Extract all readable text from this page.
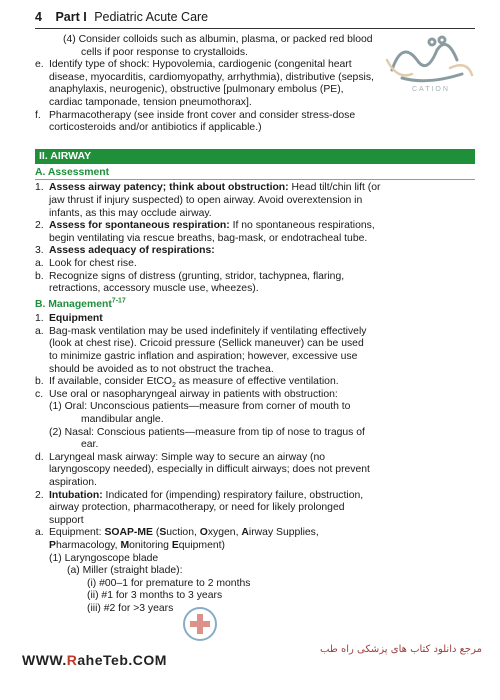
4 Part I Pediatric Acute Care
CATION
(4) Consider colloids such as albumin, plasma, or packed red blood
cells if poor response to crystalloids.
e. Identify type of shock: Hypovolemia, cardiogenic (congenital heart
disease, myocarditis, cardiomyopathy, arrhythmia), distributive (sepsis,
anaphylaxis, neurogenic), obstructive [pulmonary embolus (PE),
cardiac tamponade, tension pneumothorax].
f. Pharmacotherapy (see inside front cover and consider stress-dose
corticosteroids and/or antibiotics if applicable.)
II. AIRWAY
A. Assessment
1. Assess airway patency; think about obstruction: Head tilt/chin lift (or
jaw thrust if injury suspected) to open airway. Avoid overextension in
infants, as this may occlude airway.
2. Assess for spontaneous respiration: If no spontaneous respirations,
begin ventilating via rescue breaths, bag-mask, or endotracheal tube.
3. Assess adequacy of respirations:
a. Look for chest rise.
b. Recognize signs of distress (grunting, stridor, tachypnea, flaring,
retractions, accessory muscle use, wheezes).
B. Management$^{7-17}$
1. Equipment
a. Bag-mask ventilation may be used indefinitely if ventilating effectively
(look at chest rise). Cricoid pressure (Sellick maneuver) can be used
to minimize gastric inflation and aspiration; however, excessive use
should be avoided as to not obstruct the trachea.
b. If available, consider EtCO$_2$ as measure of effective ventilation.
c. Use oral or nasopharyngeal airway in patients with obstruction:
(1) Oral: Unconscious patients—measure from corner of mouth to
mandibular angle.
(2) Nasal: Conscious patients—measure from tip of nose to tragus of
ear.
d. Laryngeal mask airway: Simple way to secure an airway (no
laryngoscopy needed), especially in difficult airways; does not prevent
aspiration.
2. Intubation: Indicated for (impending) respiratory failure, obstruction,
airway protection, pharmacotherapy, or need for likely prolonged
support
a. Equipment: SOAP-ME (Suction, Oxygen, Airway Supplies,
Pharmacology, Monitoring Equipment)
(1) Laryngoscope blade
(a) Miller (straight blade):
(i) #00–1 for premature to 2 months
(ii) #1 for 3 months to 3 years
(iii) #2 for >3 years
مرجع دانلود کتاب های پزشکی راه طب
WWW.RaheTeb.COM
